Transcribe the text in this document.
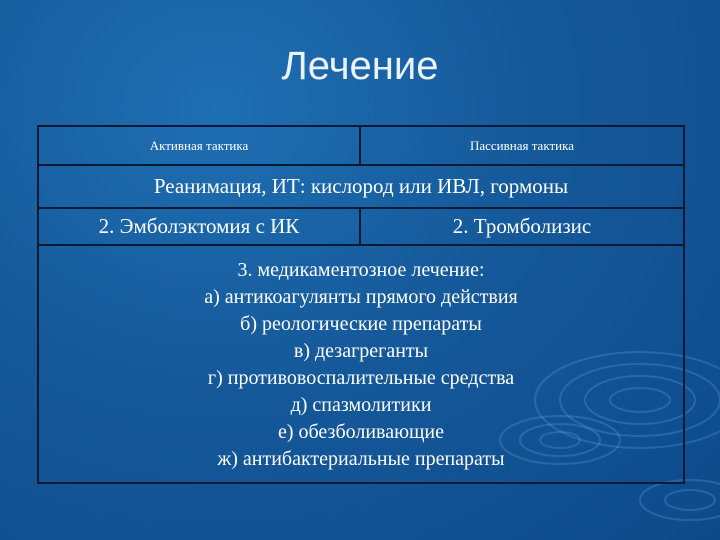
Лечение
Активная тактика	Пассивная тактика
Реанимация, ИТ: кислород или ИВЛ, гормоны
2. Эмболэктомия с ИК	2. Тромболизис
3. медикаментозное лечение:
а) антикоагулянты прямого действия
б) реологические препараты
в) дезагреганты
г) противовоспалительные средства
д) спазмолитики
е) обезболивающие
ж) антибактериальные препараты
